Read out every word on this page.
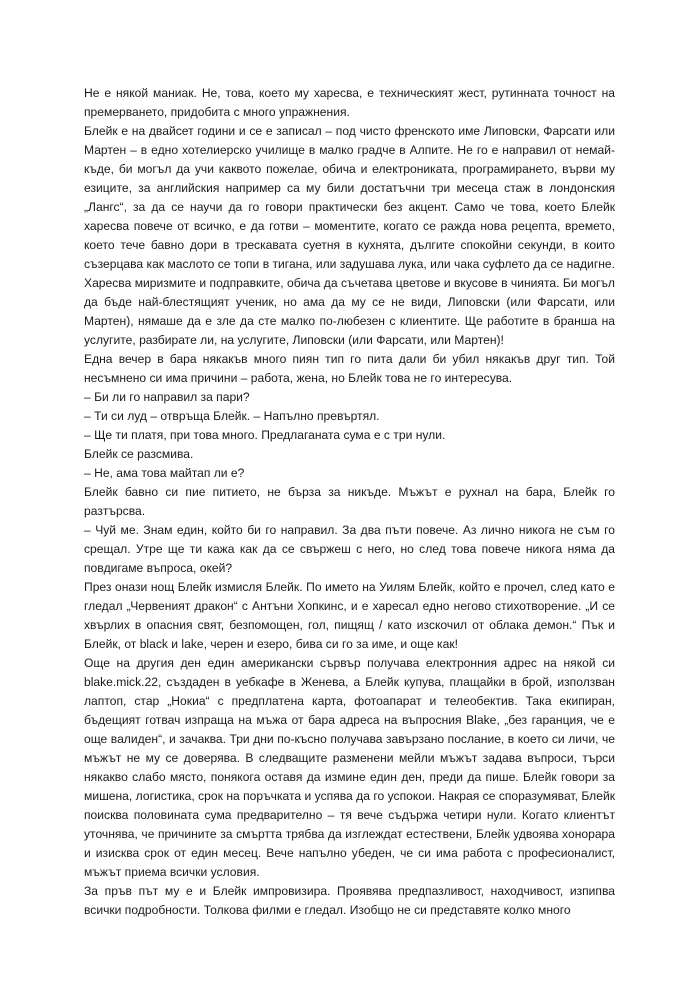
Не е някой маниак. Не, това, което му харесва, е техническият жест, рутинната точност на премерването, придобита с много упражнения.

Блейк е на двайсет години и се е записал – под чисто френското име Липовски, Фарсати или Мартен – в едно хотелиерско училище в малко градче в Алпите. Не го е направил от немай-къде, би могъл да учи каквото пожелае, обича и електрониката, програмирането, върви му езиците, за английския например са му били достатъчни три месеца стаж в лондонския „Лангс“, за да се научи да го говори практически без акцент. Само че това, което Блейк харесва повече от всичко, е да готви – моментите, когато се ражда нова рецепта, времето, което тече бавно дори в трескавата суетня в кухнята, дългите спокойни секунди, в които съзерцава как маслото се топи в тигана, или задушава лука, или чака суфлето да се надигне. Харесва миризмите и подправките, обича да съчетава цветове и вкусове в чинията. Би могъл да бъде най-блестящият ученик, но ама да му се не види, Липовски (или Фарсати, или Мартен), нямаше да е зле да сте малко по-любезен с клиентите. Ще работите в бранша на услугите, разбирате ли, на услугите, Липовски (или Фарсати, или Мартен)!

Една вечер в бара някакъв много пиян тип го пита дали би убил някакъв друг тип. Той несъмнено си има причини – работа, жена, но Блейк това не го интересува.

– Би ли го направил за пари?

– Ти си луд – отвръща Блейк. – Напълно превъртял.

– Ще ти платя, при това много. Предлаганата сума е с три нули.

Блейк се разсмива.

– Не, ама това майтап ли е?

Блейк бавно си пие питието, не бърза за никъде. Мъжът е рухнал на бара, Блейк го разтърсва.

– Чуй ме. Знам един, който би го направил. За два пъти повече. Аз лично никога не съм го срещал. Утре ще ти кажа как да се свържеш с него, но след това повече никога няма да повдигаме въпроса, окей?

През онази нощ Блейк измисля Блейк. По името на Уилям Блейк, който е прочел, след като е гледал „Червеният дракон“ с Антъни Хопкинс, и е харесал едно негово стихотворение. „И се хвърлих в опасния свят, безпомощен, гол, пищящ / като изскочил от облака демон.“ Пък и Блейк, от black и lake, черен и езеро, бива си го за име, и още как!

Още на другия ден един американски сървър получава електронния адрес на някой си blake.mick.22, създаден в уебкафе в Женева, а Блейк купува, плащайки в брой, използван лаптоп, стар „Нокиа“ с предплатена карта, фотоапарат и телеобектив. Така екипиран, бъдещият готвач изпраща на мъжа от бара адреса на въпросния Blake, „без гаранция, че е още валиден“, и зачаква. Три дни по-късно получава завързано послание, в което си личи, че мъжът не му се доверява. В следващите разменени мейли мъжът задава въпроси, търси някакво слабо място, понякога оставя да измине един ден, преди да пише. Блейк говори за мишена, логистика, срок на поръчката и успява да го успокои. Накрая се споразумяват, Блейк поисква половината сума предварително – тя вече съдържа четири нули. Когато клиентът уточнява, че причините за смъртта трябва да изглеждат естествени, Блейк удвоява хонорара и изисква срок от един месец. Вече напълно убеден, че си има работа с професионалист, мъжът приема всички условия.

За пръв път му е и Блейк импровизира. Проявява предпазливост, находчивост, изпипва всички подробности. Толкова филми е гледал. Изобщо не си представяте колко много
